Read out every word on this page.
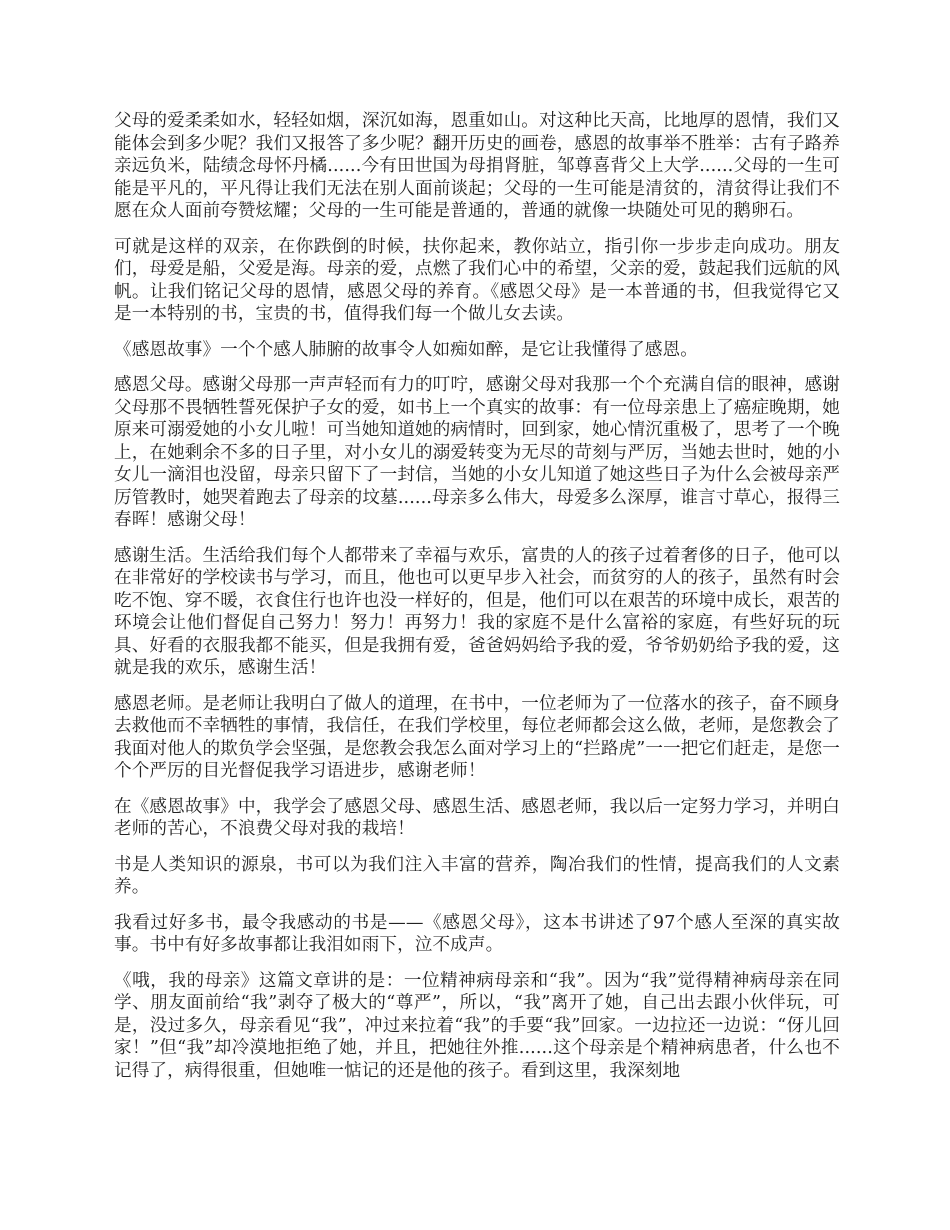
父母的爱柔柔如水，轻轻如烟，深沉如海，恩重如山。对这种比天高，比地厚的恩情，我们又能体会到多少呢？我们又报答了多少呢？翻开历史的画卷，感恩的故事举不胜举：古有子路养亲远负米，陆绩念母怀丹橘......今有田世国为母捐肾脏，邹尊喜背父上大学......父母的一生可能是平凡的，平凡得让我们无法在别人面前谈起；父母的一生可能是清贫的，清贫得让我们不愿在众人面前夸赞炫耀；父母的一生可能是普通的，普通的就像一块随处可见的鹅卵石。

可就是这样的双亲，在你跌倒的时候，扶你起来，教你站立，指引你一步步走向成功。朋友们，母爱是船，父爱是海。母亲的爱，点燃了我们心中的希望，父亲的爱，鼓起我们远航的风帆。让我们铭记父母的恩情，感恩父母的养育。《感恩父母》是一本普通的书，但我觉得它又是一本特别的书，宝贵的书，值得我们每一个做儿女去读。

《感恩故事》一个个感人肺腑的故事令人如痴如醉，是它让我懂得了感恩。

感恩父母。感谢父母那一声声轻而有力的叮咛，感谢父母对我那一个个充满自信的眼神，感谢父母那不畏牺牲誓死保护子女的爱，如书上一个真实的故事：有一位母亲患上了癌症晚期，她原来可溺爱她的小女儿啦！可当她知道她的病情时，回到家，她心情沉重极了，思考了一个晚上，在她剩余不多的日子里，对小女儿的溺爱转变为无尽的苛刻与严厉，当她去世时，她的小女儿一滴泪也没留，母亲只留下了一封信，当她的小女儿知道了她这些日子为什么会被母亲严厉管教时，她哭着跑去了母亲的坟墓......母亲多么伟大，母爱多么深厚，谁言寸草心，报得三春晖！感谢父母！

感谢生活。生活给我们每个人都带来了幸福与欢乐，富贵的人的孩子过着奢侈的日子，他可以在非常好的学校读书与学习，而且，他也可以更早步入社会，而贫穷的人的孩子，虽然有时会吃不饱、穿不暖，衣食住行也许也没一样好的，但是，他们可以在艰苦的环境中成长，艰苦的环境会让他们督促自己努力！努力！再努力！我的家庭不是什么富裕的家庭，有些好玩的玩具、好看的衣服我都不能买，但是我拥有爱，爸爸妈妈给予我的爱，爷爷奶奶给予我的爱，这就是我的欢乐，感谢生活！

感恩老师。是老师让我明白了做人的道理，在书中，一位老师为了一位落水的孩子，奋不顾身去救他而不幸牺牲的事情，我信任，在我们学校里，每位老师都会这么做，老师，是您教会了我面对他人的欺负学会坚强，是您教会我怎么面对学习上的“拦路虎”一一把它们赶走，是您一个个严厉的目光督促我学习语进步，感谢老师！

在《感恩故事》中，我学会了感恩父母、感恩生活、感恩老师，我以后一定努力学习，并明白老师的苦心，不浪费父母对我的栽培！

书是人类知识的源泉，书可以为我们注入丰富的营养，陶冶我们的性情，提高我们的人文素养。

我看过好多书，最令我感动的书是——《感恩父母》，这本书讲述了97个感人至深的真实故事。书中有好多故事都让我泪如雨下，泣不成声。

《哦，我的母亲》这篇文章讲的是：一位精神病母亲和“我”。因为“我”觉得精神病母亲在同学、朋友面前给“我”剥夺了极大的“尊严”，所以，“我”离开了她，自己出去跟小伙伴玩，可是，没过多久，母亲看见“我”，冲过来拉着“我”的手要“我”回家。一边拉还一边说：“伢儿回家！”但“我”却冷漠地拒绝了她，并且，把她往外推......这个母亲是个精神病患者，什么也不记得了，病得很重，但她唯一惦记的还是他的孩子。看到这里，我深刻地
